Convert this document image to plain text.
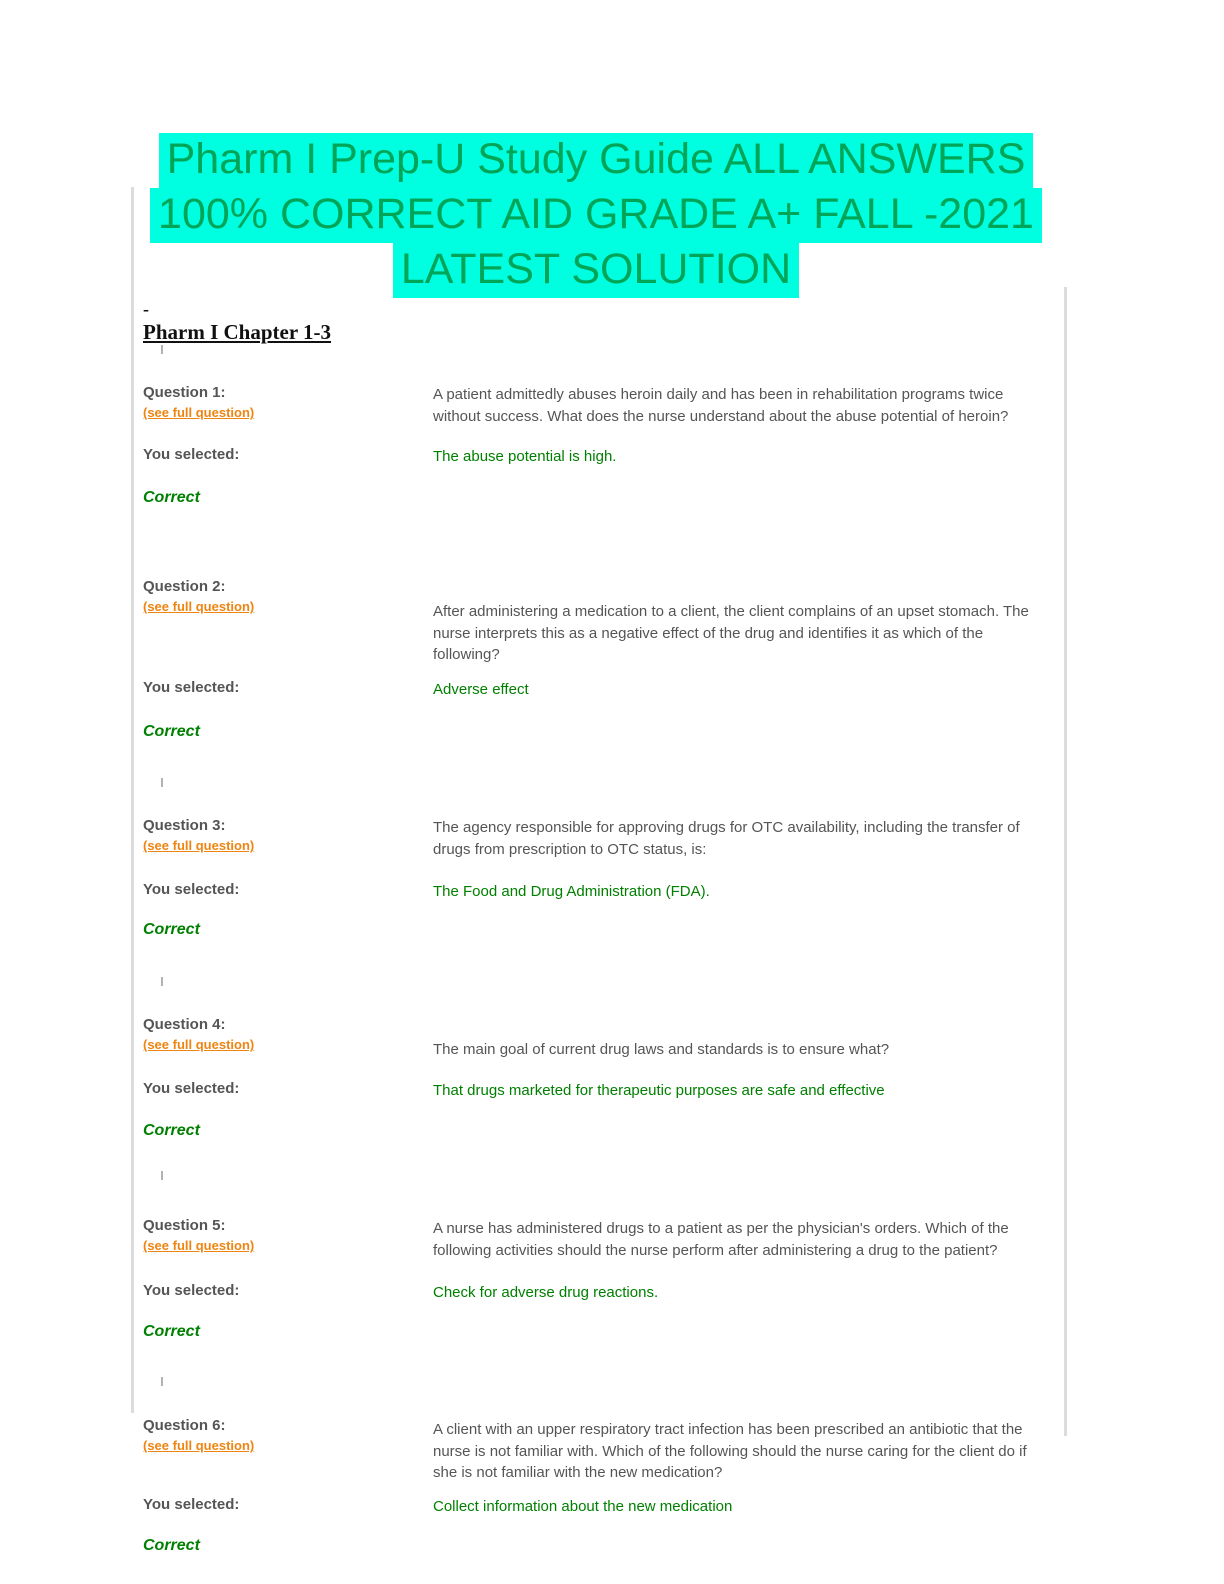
Pharm I Prep-U Study Guide ALL ANSWERS
100% CORRECT AID GRADE A+ FALL -2021
LATEST SOLUTION
-
Pharm I Chapter 1-3
Question 1:
(see full question)
A patient admittedly abuses heroin daily and has been in rehabilitation programs twice without success. What does the nurse understand about the abuse potential of heroin?
You selected:	The abuse potential is high.
Correct
Question 2:
(see full question)	After administering a medication to a client, the client complains of an upset stomach. The nurse interprets this as a negative effect of the drug and identifies it as which of the following?
You selected:	Adverse effect
Correct
Question 3:
(see full question)
The agency responsible for approving drugs for OTC availability, including the transfer of drugs from prescription to OTC status, is:
You selected:	The Food and Drug Administration (FDA).
Correct
Question 4:
(see full question)	The main goal of current drug laws and standards is to ensure what?
You selected:	That drugs marketed for therapeutic purposes are safe and effective
Correct
Question 5:
(see full question)
A nurse has administered drugs to a patient as per the physician's orders. Which of the following activities should the nurse perform after administering a drug to the patient?
You selected:	Check for adverse drug reactions.
Correct
Question 6:
(see full question)
A client with an upper respiratory tract infection has been prescribed an antibiotic that the nurse is not familiar with. Which of the following should the nurse caring for the client do if she is not familiar with the new medication?
You selected:	Collect information about the new medication
Correct
